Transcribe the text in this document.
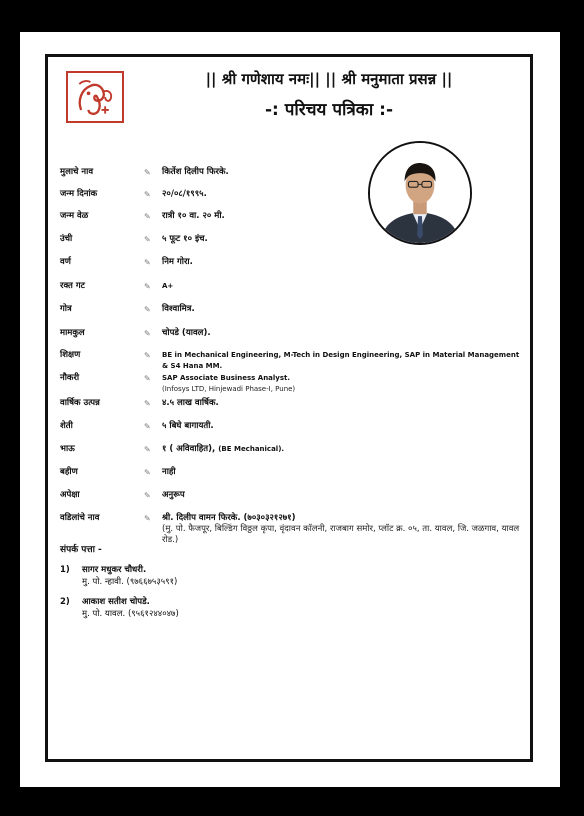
|| श्री गणेशाय नमः|| || श्री मनुमाता प्रसन्न ||
-: परिचय पत्रिका :-
मुलाचे नाव	✎	किर्तेश दिलीप फिरके.
जन्म दिनांक	✎	२०/०८/१९९५.
जन्म वेळ	✎	रात्री १० वा. २० मी.
उंची	✎	५ फूट १० इंच.
वर्ण	✎	निम गोरा.
रक्त गट	✎	A+
गोत्र	✎	विश्वामित्र.
मामकुल	✎	चोपडे (यावल).
शिक्षण	✎	BE in Mechanical Engineering, M-Tech in Design Engineering, SAP in Material Management & S4 Hana MM.
नौकरी	✎	SAP Associate Business Analyst.
(Infosys LTD, Hinjewadi Phase-I, Pune)
वार्षिक उत्पन्न	✎	४.५ लाख वार्षिक.
शेती	✎	५ बिघे बागायती.
भाऊ	✎	१ ( अविवाहित), (BE Mechanical).
बहीण	✎	नाही
अपेक्षा	✎	अनुरूप
वडिलांचे नाव	✎	श्री. दिलीप वामन फिरके. (७०३०३२१२७१)
(मु. पो. फैजपूर, बिल्डिंग विठ्ठल कृपा, वृंदावन कॉलनी, राजबाग समोर, प्लॉट क्र. ०५, ता. यावल, जि. जळगाव, यावल रोड.)
संपर्क पत्ता -
1) सागर मधुकर चौधरी.
मु. पो. न्हावी. (९७६६७५३५९१)
2) आकाश सतीश चोपडे.
मु. पो. यावल. (९५६१२४४०४७)
